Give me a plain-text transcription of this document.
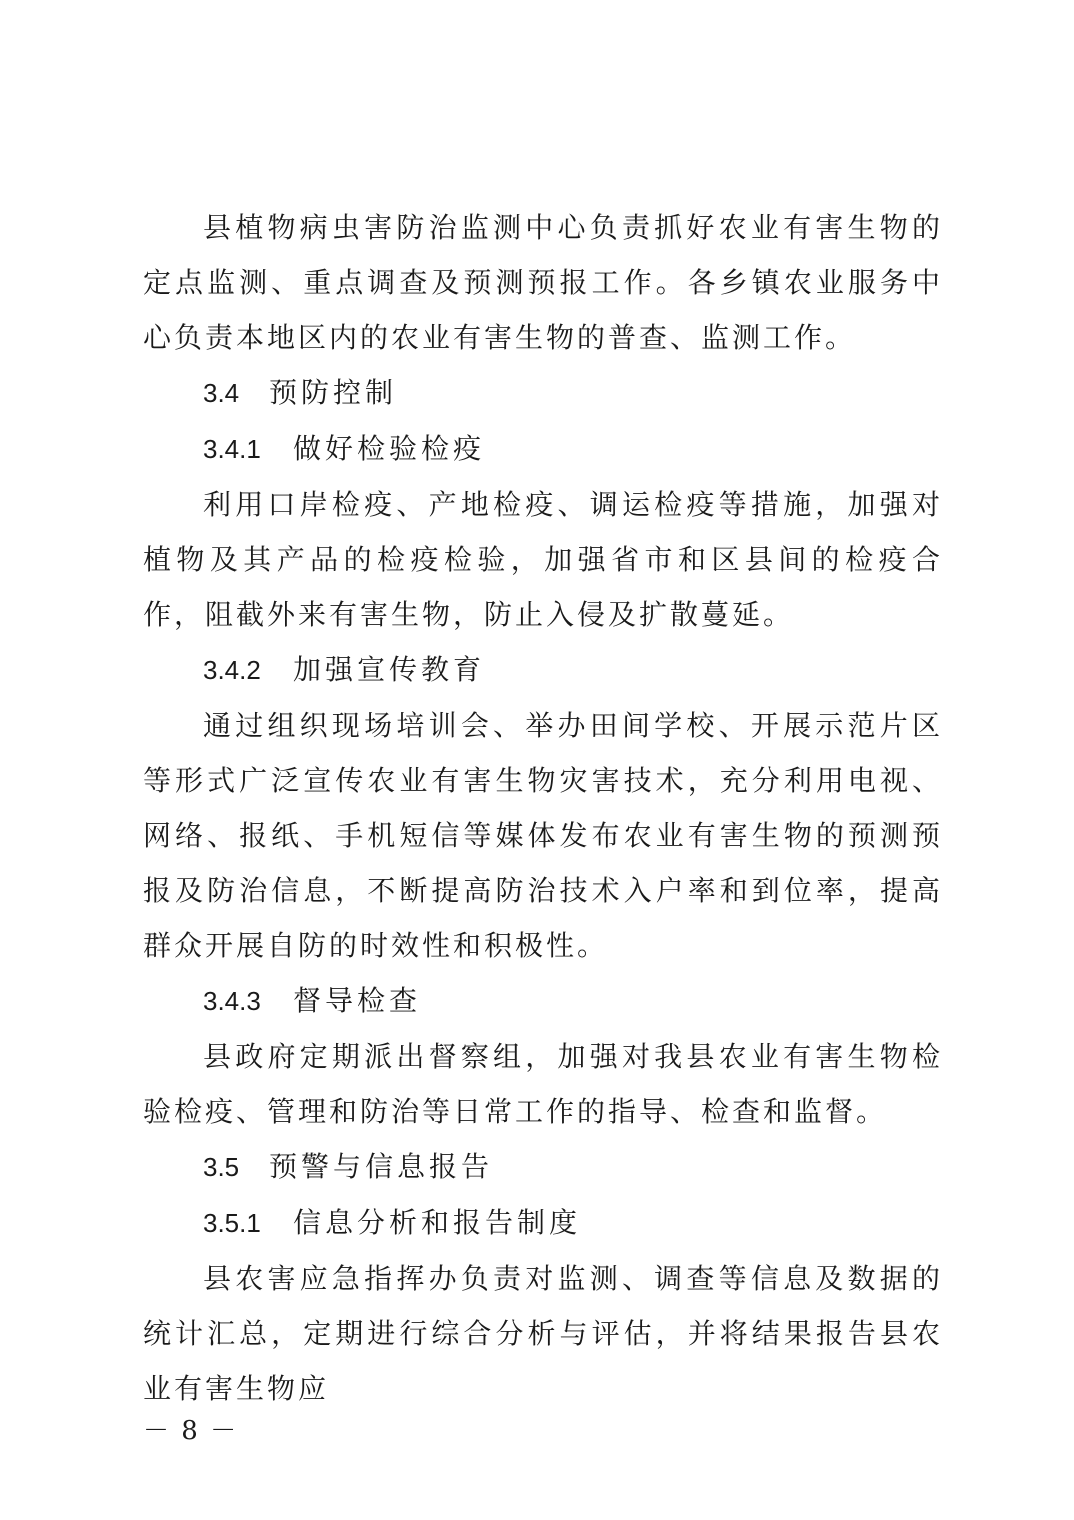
县植物病虫害防治监测中心负责抓好农业有害生物的定点监测、重点调查及预测预报工作。各乡镇农业服务中心负责本地区内的农业有害生物的普查、监测工作。

3.4 预防控制
3.4.1 做好检验检疫

利用口岸检疫、产地检疫、调运检疫等措施，加强对植物及其产品的检疫检验，加强省市和区县间的检疫合作，阻截外来有害生物，防止入侵及扩散蔓延。

3.4.2 加强宣传教育

通过组织现场培训会、举办田间学校、开展示范片区等形式广泛宣传农业有害生物灾害技术，充分利用电视、网络、报纸、手机短信等媒体发布农业有害生物的预测预报及防治信息，不断提高防治技术入户率和到位率，提高群众开展自防的时效性和积极性。

3.4.3 督导检查

县政府定期派出督察组，加强对我县农业有害生物检验检疫、管理和防治等日常工作的指导、检查和监督。

3.5 预警与信息报告
3.5.1 信息分析和报告制度

县农害应急指挥办负责对监测、调查等信息及数据的统计汇总，定期进行综合分析与评估，并将结果报告县农业有害生物应

－ 8 －
